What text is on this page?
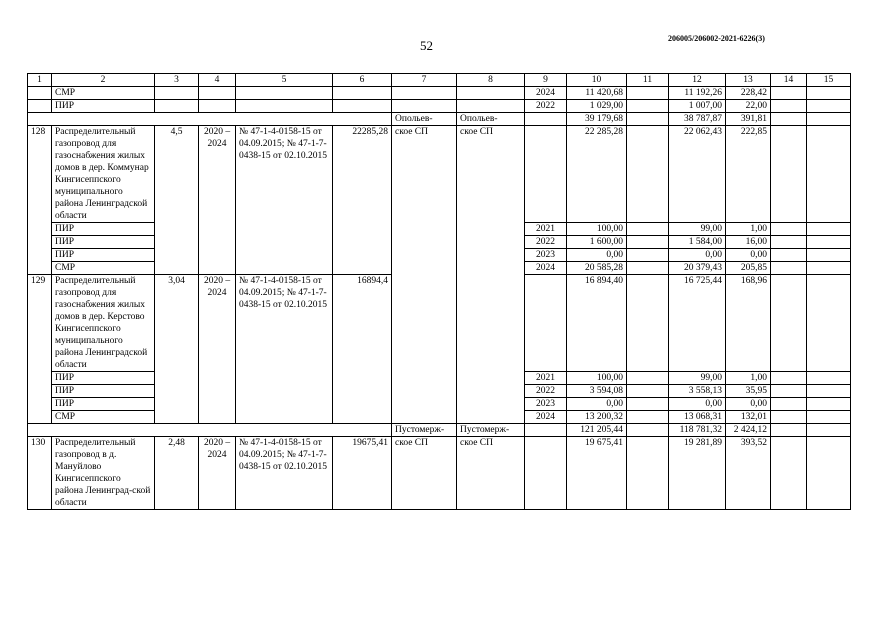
52	206005/206002-2021-6226(3)
1	2	3	4	5	6	7	8	9	10	11	12	13	14	15
	СМР							2024	11 420,68		11 192,26	228,42		
	ПИР							2022	1 029,00		1 007,00	22,00		
						Опольев-	Опольев-		39 179,68		38 787,87	391,81		
128	Распределительный газопровод для газоснабжения жилых домов в дер. Коммунар Кингисеппского муниципального района Ленинградской области	4,5	2020 – 2024	№ 47-1-4-0158-15 от 04.09.2015; № 47-1-7-0438-15 от 02.10.2015	22285,28	ское СП	ское СП		22 285,28		22 062,43	222,85		
	ПИР							2021	100,00		99,00	1,00		
	ПИР							2022	1 600,00		1 584,00	16,00		
	ПИР							2023	0,00		0,00	0,00		
	СМР							2024	20 585,28		20 379,43	205,85		
129	Распределительный газопровод для газоснабжения жилых домов в дер. Керстово Кингисеппского муниципального района Ленинградской области	3,04	2020 – 2024	№ 47-1-4-0158-15 от 04.09.2015; № 47-1-7-0438-15 от 02.10.2015	16894,4				16 894,40		16 725,44	168,96		
	ПИР							2021	100,00		99,00	1,00		
	ПИР							2022	3 594,08		3 558,13	35,95		
	ПИР							2023	0,00		0,00	0,00		
	СМР							2024	13 200,32		13 068,31	132,01		
						Пустомерж-	Пустомерж-		121 205,44		118 781,32	2 424,12		
130	Распределительный газопровод в д. Мануйлово Кингисеппского района Ленинград-ской области	2,48	2020 – 2024	№ 47-1-4-0158-15 от 04.09.2015; № 47-1-7-0438-15 от 02.10.2015	19675,41	ское СП	ское СП		19 675,41		19 281,89	393,52		
